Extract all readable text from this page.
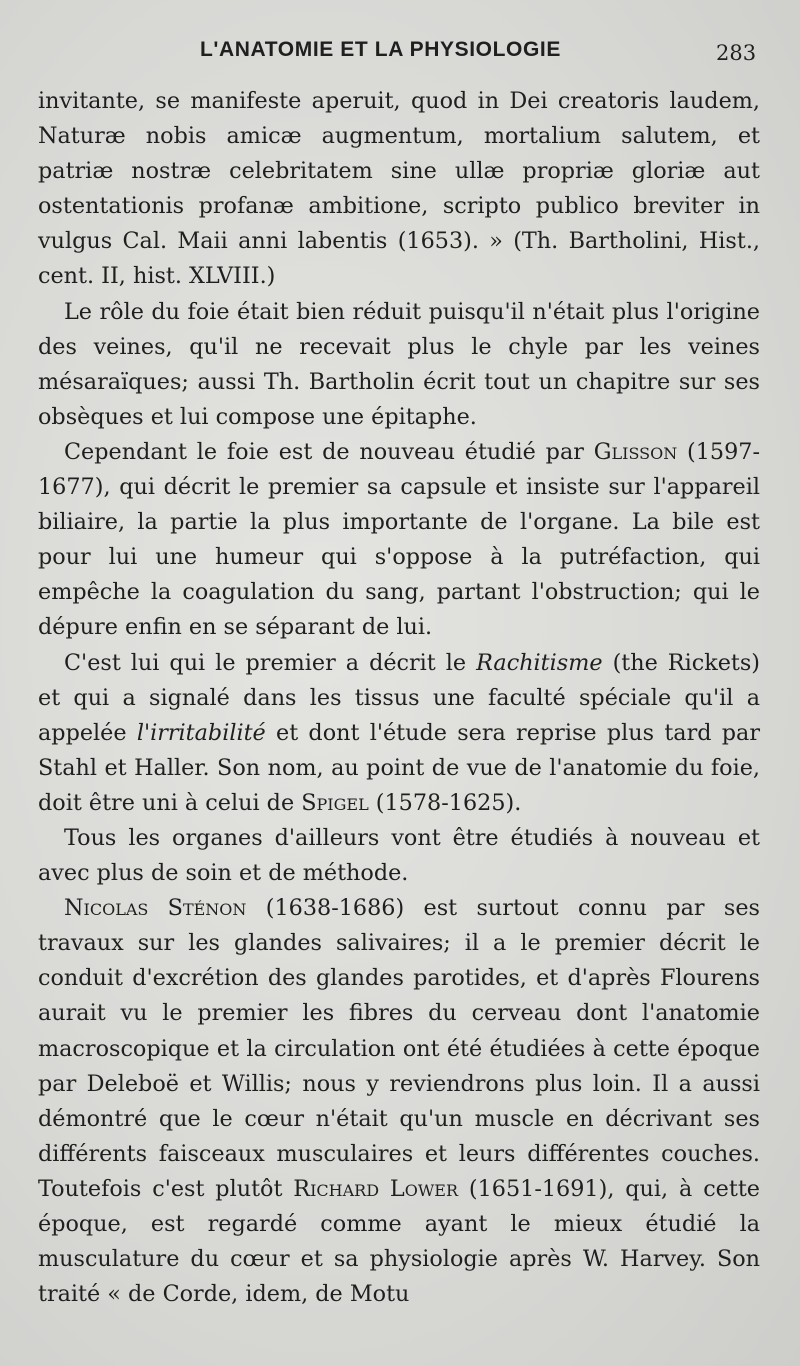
L'ANATOMIE ET LA PHYSIOLOGIE	283

invitante, se manifeste aperuit, quod in Dei creatoris laudem, Naturæ nobis amicæ augmentum, mortalium salutem, et patriæ nostræ celebritatem sine ullæ propriæ gloriæ aut ostentationis profanæ ambitione, scripto publico breviter in vulgus Cal. Maii anni labentis (1653). » (Th. Bartholini, Hist., cent. II, hist. XLVIII.)

Le rôle du foie était bien réduit puisqu'il n'était plus l'origine des veines, qu'il ne recevait plus le chyle par les veines mésaraïques; aussi Th. Bartholin écrit tout un chapitre sur ses obsèques et lui compose une épitaphe.

Cependant le foie est de nouveau étudié par Glisson (1597-1677), qui décrit le premier sa capsule et insiste sur l'appareil biliaire, la partie la plus importante de l'organe. La bile est pour lui une humeur qui s'oppose à la putréfaction, qui empêche la coagulation du sang, partant l'obstruction; qui le dépure enfin en se séparant de lui.

C'est lui qui le premier a décrit le Rachitisme (the Rickets) et qui a signalé dans les tissus une faculté spéciale qu'il a appelée l'irritabilité et dont l'étude sera reprise plus tard par Stahl et Haller. Son nom, au point de vue de l'anatomie du foie, doit être uni à celui de Spigel (1578-1625).

Tous les organes d'ailleurs vont être étudiés à nouveau et avec plus de soin et de méthode.

Nicolas Sténon (1638-1686) est surtout connu par ses travaux sur les glandes salivaires; il a le premier décrit le conduit d'excrétion des glandes parotides, et d'après Flourens aurait vu le premier les fibres du cerveau dont l'anatomie macroscopique et la circulation ont été étudiées à cette époque par Deleboë et Willis; nous y reviendrons plus loin. Il a aussi démontré que le cœur n'était qu'un muscle en décrivant ses différents faisceaux musculaires et leurs différentes couches. Toutefois c'est plutôt Richard Lower (1651-1691), qui, à cette époque, est regardé comme ayant le mieux étudié la musculature du cœur et sa physiologie après W. Harvey. Son traité « de Corde, idem, de Motu
